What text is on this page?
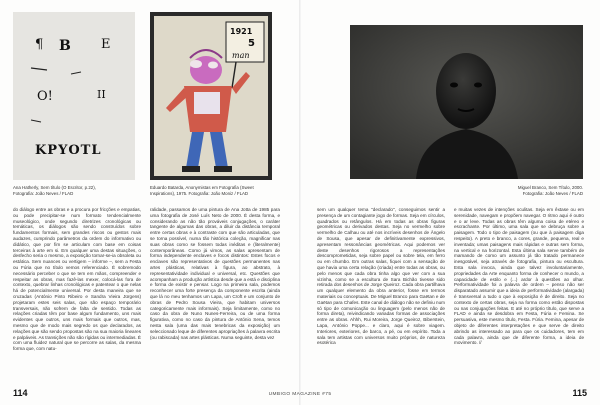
¶ B E
O!	II
KPYOTL
1921
5
man
Ana Hatherly, Sem título (O Escritor, p.22),
Fotografia: João Neves / FLAD
Eduardo Batarda, Anonymistas em Fotografia (Sweet
Inspirations), 1975. Fotografia: João Moniz / FLAD
Miguel Branco, Sem Título, 2000.
Fotografia: João Neves / FLAD

do diálogo entre as obras e a procura por fricções e empatias, ou pode precipitar-se num formato tendencialmente museológico, onde segundo diretrizes cronológicas ou temáticas, os diálogos são sendo construídos sobre fundamentos formais, sem grandes riscos ou gestos mais audazes, cumprindo parâmetros da ordem do informativo ou didático, que por fim se articulam com base em coisas terceiras à arte em si. Em qualquer uma destas situações, o desfecho seria o mesmo, a exposição tornar-se-ia obsoleta ou estática. Sem nuances ou vertigem – informe –, sem a Festa ou Fúria que no título vemos referenciado. É sobremodo necessário perceber o que se tem em mãos, compreender e respeitar as obras, mas fazê-las mexer, colocá-las fora de contexto, quebrar linhas cronológicas e patentear o que nelas há de potencialmente universal. Por desta maneira que se cruzadas (António Pinto Ribeiro e Sandra Vieira Jürgens) projetaram estes seis salas, que são espaço temporário transversais, não sofrem de falta de sentido. Todas as relações criadas têm por base algum fundamento, uns mais evidentes que outros, uns mais formais que outros, mas, mesmo que de modo mais segredo os que declarados, as relações que são sendo propostas são na sua maioria lineares e palpáveis. As transições não são rígidas ou intermediadas. É com uma fluidez natural que se percorre as salas, da mesma forma que, com natu-

ralidade, passamos de uma pintura de Ana Jotta de 1985 para uma fotografia de José Luís Neto de 2000. É desta forma, e considerando as não tão prováveis conjugações, o caráter tangente de algumas das obras, a diluir da distância temporal entre certas obras e à contraste com que são articuladas, que se torna possível, numa tão histórica coleção, magnificar nas suas obras como se fossem todas inéditas e (literalmente) contemporâneas. Como já vimos, as salas apresentam de forma independente enclaves e focos distintos: Estes focos e enclaves são representativos de questões permanentes nas artes plásticas, relativas à figura, ao abstrato, à representatividade individual e universal, etc. Questões que acompanham a produção artística desde que a está e disciplina e forma de existir e pensar. Logo na primeira sala, podemos reconhecer uma forte presença da componente escrita (ainda que lá no meu tenhamos um Lapa, um Croft e um conjunto de obras de Pedro Sousa Vieira, que habitam universos categoricamente mais informais). Seja limitamente, como no caso da obra de Nuno Nunes-Ferreira, ou de uma forma figurativa, como no caso da pintura de António Sena, temos nesta sala (uma das mais tenebricas da exposição) um seleccionado leque de diferentes apropriações à palavra escrita (ou rabiscada) nas artes plásticas. Numa seguinte, desta vez

sem um qualquer tema "declarado", conseguimos sentir a presença de um contagiante jogo de formas. Seja em círculos, quadrados ou retângulos. Há em todas as obras figuras geométricas ou derivados destas. Seja no vermelho sobre vermelho de Calhau ou até nos incríveis desenhos de Ângelo de Sousa, que apesar de definitivamente expressivos, apresentam ressonâncias geométricas. Aqui podemos ver deste desenhos rigorosos a representações descomprometidas, seja sobre papel ou sobre tela, em ferro ou em chumbo. Em outras salas, fiquei com a sensação de que havia uma certa relação (criada) entre todas as obras, ou pelo menos que cada obra tinha algo que ver com a sua vizinha, como se a escultura de Sara Bichão tivesse sido retirada dos desenhos de Jorge Queiroz. Cada obra partilhava um qualquer elemento da obra anterior, fosse em termos materiais ou conceptuais. De Miguel Branco para Gaëtan e de Gaëtan para Chafes. Este canal de diálogo não se definiu num só tipo de comunicação ou linguagem (pelo menos não de forma direta), reivindicando variadas formas de associações entre as obras. Ahhh, Rui Moreira, Jorge Queiroz, Biberstein, Lapa, António Poppe... e claro, aqui é sobre viagem. Interiores, exteriores, de barco, a pé, ou em espírito. Toda a sala tem artistas com universos muito próprios, de natureza esotérica

e muitas vezes de intenções oculitas. Seja em êxtase ou em serenidade, navegam e propõem navegar. O ritmo aqui é outro e o ar leve. Todas as obras têm alguma coisa de etéreo e escrachante. Por último, uma sala que se debruça sobre a paisagem. Todo o tipo de paisagem (ou que à paisagem diga respeito). A preto e branco, a cores, grande, pequena, real e inventada; umas paisagens mais rápidas e outras sem forma, na vertical e na horizontal. Esta última sala serve também de mamando de como um assunto já tão tratado permanece inesgotável, seja através de fotografia, pintura ou escultura. Esta sala invoca, ainda que talvez involuntariamente, propriedades da Arte enquanto forma de conhecer o mundo, a capacidade de estilo e (...) ardor à questões ao olhar. Performatividade foi a palavra de ordem – penso não ser disparatado assumir que a ideia de performatividade (alargada) é transversal a tudo o que à exposição é de direito. Seja no contexto de certas obras, seja na forma como estão dispostas ou nas conjugações feitas. E até no próprio título, que serve a FLAD e ainda se desdobra em Festa, Fúria e Femina. Se persuasiva, este mesmo título, Festa. Fúria. Femina, apesar de objeto de diferentes interpretações e que serve de direito abrindo as interessado ao para que os cuidadores, tem em cada palavra, ainda que de diferente forma, a ideia de movimento. //

114	UMBIGO MAGAZINE #75	115
